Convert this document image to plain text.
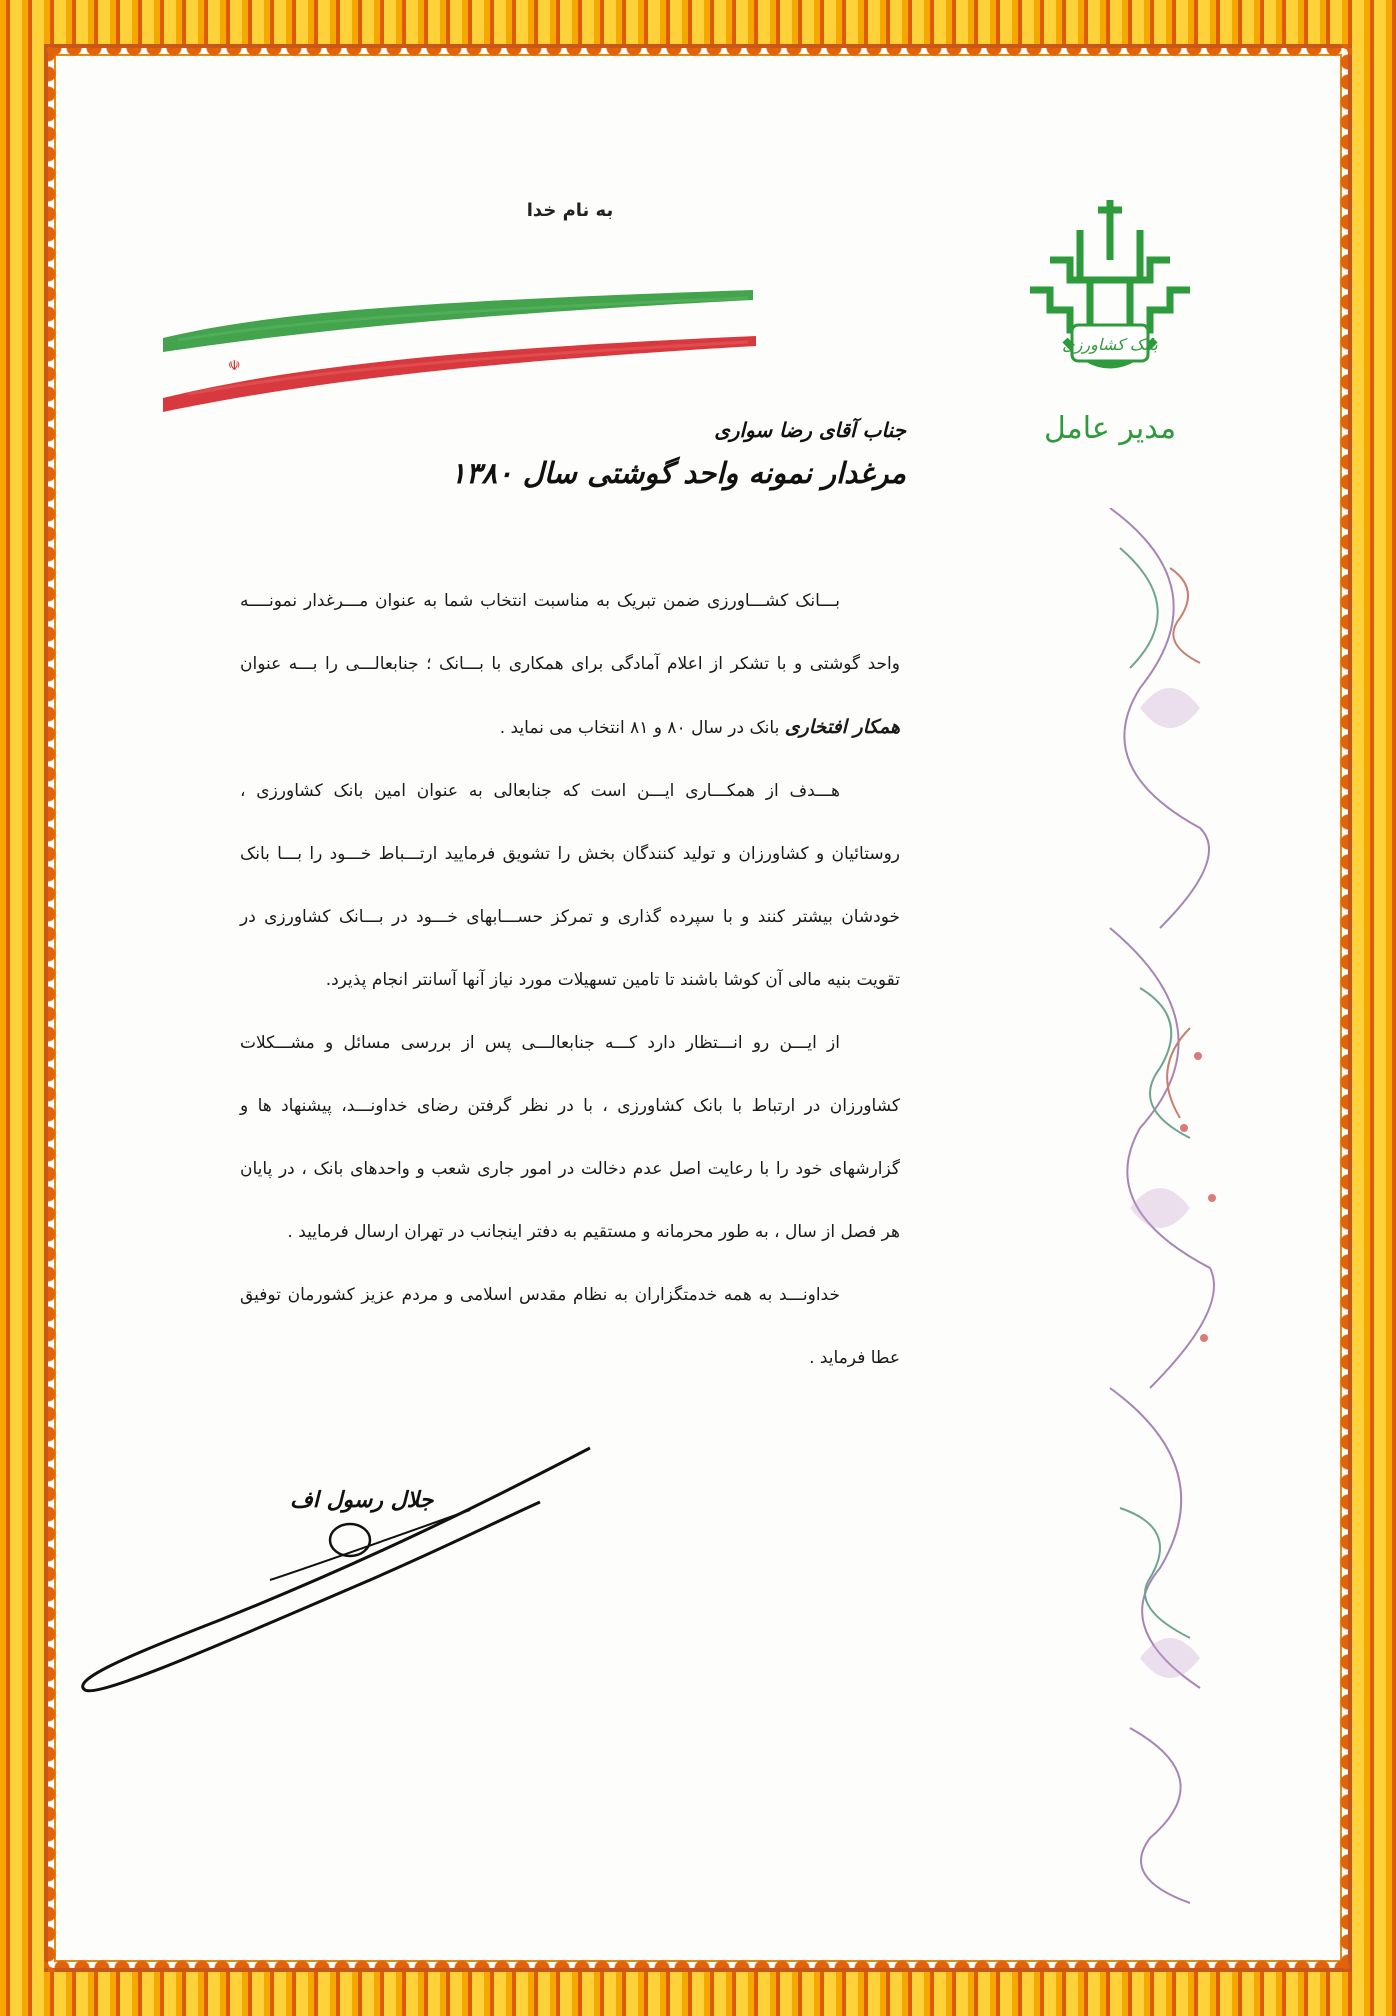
به نام خدا
☫
بانک کشاورزی
مدیر عامل
جناب آقای رضا سواری
مرغدار نمونه واحد گوشتی سال ۱۳۸۰

بـــانک کشـــاورزی ضمن تبریک به مناسبت انتخاب شما به عنوان مـــرغدار نمونــــه واحد گوشتی و با تشکر از اعلام آمادگی برای همکاری با بـــانک ؛ جنابعالـــی را بـــه عنوان همکار افتخاری بانک در سال ۸۰ و ۸۱ انتخاب می نماید .

هـــدف از همکـــاری ایـــن است که جنابعالی به عنوان امین بانک کشاورزی ، روستائیان و کشاورزان و تولید کنندگان بخش را تشویق فرمایید ارتـــباط خـــود را بـــا بانک خودشان بیشتر کنند و با سپرده گذاری و تمرکز حســـابهای خـــود در بـــانک کشاورزی در تقویت بنیه مالی آن کوشا باشند تا تامین تسهیلات مورد نیاز آنها آسانتر انجام پذیرد.

از ایـــن رو انـــتظار دارد کـــه جنابعالـــی پس از بررسی مسائل و مشـــکلات کشاورزان در ارتباط با بانک کشاورزی ، با در نظر گرفتن رضای خداونـــد، پیشنهاد ها و گزارشهای خود را با رعایت اصل عدم دخالت در امور جاری شعب و واحدهای بانک ، در پایان هر فصل از سال ، به طور محرمانه و مستقیم به دفتر اینجانب در تهران ارسال فرمایید .

خداونـــد به همه خدمتگزاران به نظام مقدس اسلامی و مردم عزیز کشورمان توفیق عطا فرماید .

جلال رسول اف
